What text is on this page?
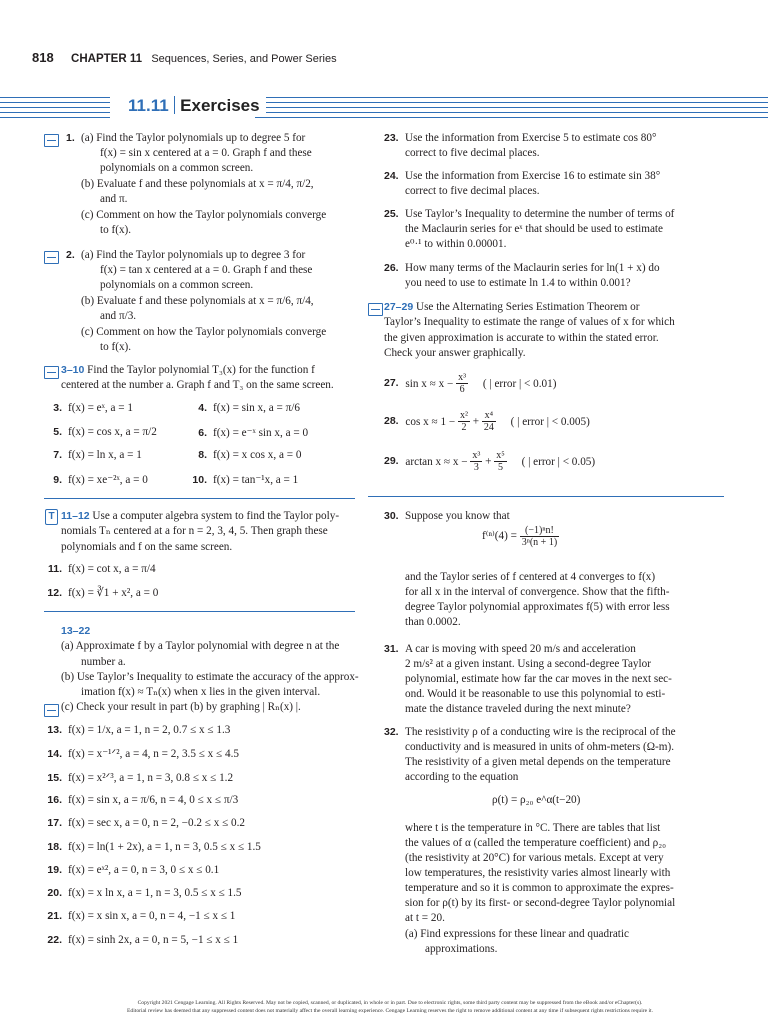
818 CHAPTER 11 Sequences, Series, and Power Series
11.11 Exercises
1. (a) Find the Taylor polynomials up to degree 5 for
f(x) = sin x centered at a = 0. Graph f and these
polynomials on a common screen.
(b) Evaluate f and these polynomials at x = π/4, π/2,
and π.
(c) Comment on how the Taylor polynomials converge
to f(x).
2. (a) Find the Taylor polynomials up to degree 3 for
f(x) = tan x centered at a = 0. Graph f and these
polynomials on a common screen.
(b) Evaluate f and these polynomials at x = π/6, π/4,
and π/3.
(c) Comment on how the Taylor polynomials converge
to f(x).
3–10 Find the Taylor polynomial T₃(x) for the function f
centered at the number a. Graph f and T₃ on the same screen.
3. f(x) = eˣ, a = 1	4. f(x) = sin x, a = π/6
5. f(x) = cos x, a = π/2	6. f(x) = e⁻ˣ sin x, a = 0
7. f(x) = ln x, a = 1	8. f(x) = x cos x, a = 0
9. f(x) = xe⁻²ˣ, a = 0	10. f(x) = tan⁻¹x, a = 1
T 11–12 Use a computer algebra system to find the Taylor poly-
nomials Tₙ centered at a for n = 2, 3, 4, 5. Then graph these
polynomials and f on the same screen.
11. f(x) = cot x, a = π/4
12. f(x) = ∛1 + x², a = 0
13–22
(a) Approximate f by a Taylor polynomial with degree n at the
number a.
(b) Use Taylor’s Inequality to estimate the accuracy of the approx-
imation f(x) ≈ Tₙ(x) when x lies in the given interval.
(c) Check your result in part (b) by graphing | Rₙ(x) |.
13. f(x) = 1/x, a = 1, n = 2, 0.7 ≤ x ≤ 1.3
14. f(x) = x⁻¹ᐟ², a = 4, n = 2, 3.5 ≤ x ≤ 4.5
15. f(x) = x²ᐟ³, a = 1, n = 3, 0.8 ≤ x ≤ 1.2
16. f(x) = sin x, a = π/6, n = 4, 0 ≤ x ≤ π/3
17. f(x) = sec x, a = 0, n = 2, −0.2 ≤ x ≤ 0.2
18. f(x) = ln(1 + 2x), a = 1, n = 3, 0.5 ≤ x ≤ 1.5
19. f(x) = eˣ², a = 0, n = 3, 0 ≤ x ≤ 0.1
20. f(x) = x ln x, a = 1, n = 3, 0.5 ≤ x ≤ 1.5
21. f(x) = x sin x, a = 0, n = 4, −1 ≤ x ≤ 1
22. f(x) = sinh 2x, a = 0, n = 5, −1 ≤ x ≤ 1
23. Use the information from Exercise 5 to estimate cos 80°
correct to five decimal places.
24. Use the information from Exercise 16 to estimate sin 38°
correct to five decimal places.
25. Use Taylor’s Inequality to determine the number of terms of
the Maclaurin series for eˣ that should be used to estimate
e⁰·¹ to within 0.00001.
26. How many terms of the Maclaurin series for ln(1 + x) do
you need to use to estimate ln 1.4 to within 0.001?
27–29 Use the Alternating Series Estimation Theorem or
Taylor’s Inequality to estimate the range of values of x for which
the given approximation is accurate to within the stated error.
Check your answer graphically.
27. $\sin x \approx x - \frac{\text{x³}}{6}$ ( | error | < 0.01)
28. $\cos x \approx 1 - \frac{\text{x²}}{2} + \frac{\text{x⁴}}{24}$ ( | error | < 0.005)
29. $\arctan x \approx x - \frac{\text{x³}}{3} + \frac{\text{x⁵}}{5}$ ( | error | < 0.05)
30. Suppose you know that
$f^{(n)}(4) = \frac{\text{(−1)ⁿn!}}{\text{3ⁿ(n + 1)}}$
and the Taylor series of f centered at 4 converges to f(x)
for all x in the interval of convergence. Show that the fifth-
degree Taylor polynomial approximates f(5) with error less
than 0.0002.
31. A car is moving with speed 20 m/s and acceleration
2 m/s² at a given instant. Using a second-degree Taylor
polynomial, estimate how far the car moves in the next sec-
ond. Would it be reasonable to use this polynomial to esti-
mate the distance traveled during the next minute?
32. The resistivity ρ of a conducting wire is the reciprocal of the
conductivity and is measured in units of ohm-meters (Ω-m).
The resistivity of a given metal depends on the temperature
according to the equation
ρ(t) = ρ₂₀ e^α(t−20)
where t is the temperature in °C. There are tables that list
the values of α (called the temperature coefficient) and ρ₂₀
(the resistivity at 20°C) for various metals. Except at very
low temperatures, the resistivity varies almost linearly with
temperature and so it is common to approximate the expres-
sion for ρ(t) by its first- or second-degree Taylor polynomial
at t = 20.
(a) Find expressions for these linear and quadratic
approximations.
Copyright 2021 Cengage Learning. All Rights Reserved. May not be copied, scanned, or duplicated, in whole or in part. Due to electronic rights, some third party content may be suppressed from the eBook and/or eChapter(s).
Editorial review has deemed that any suppressed content does not materially affect the overall learning experience. Cengage Learning reserves the right to remove additional content at any time if subsequent rights restrictions require it.
